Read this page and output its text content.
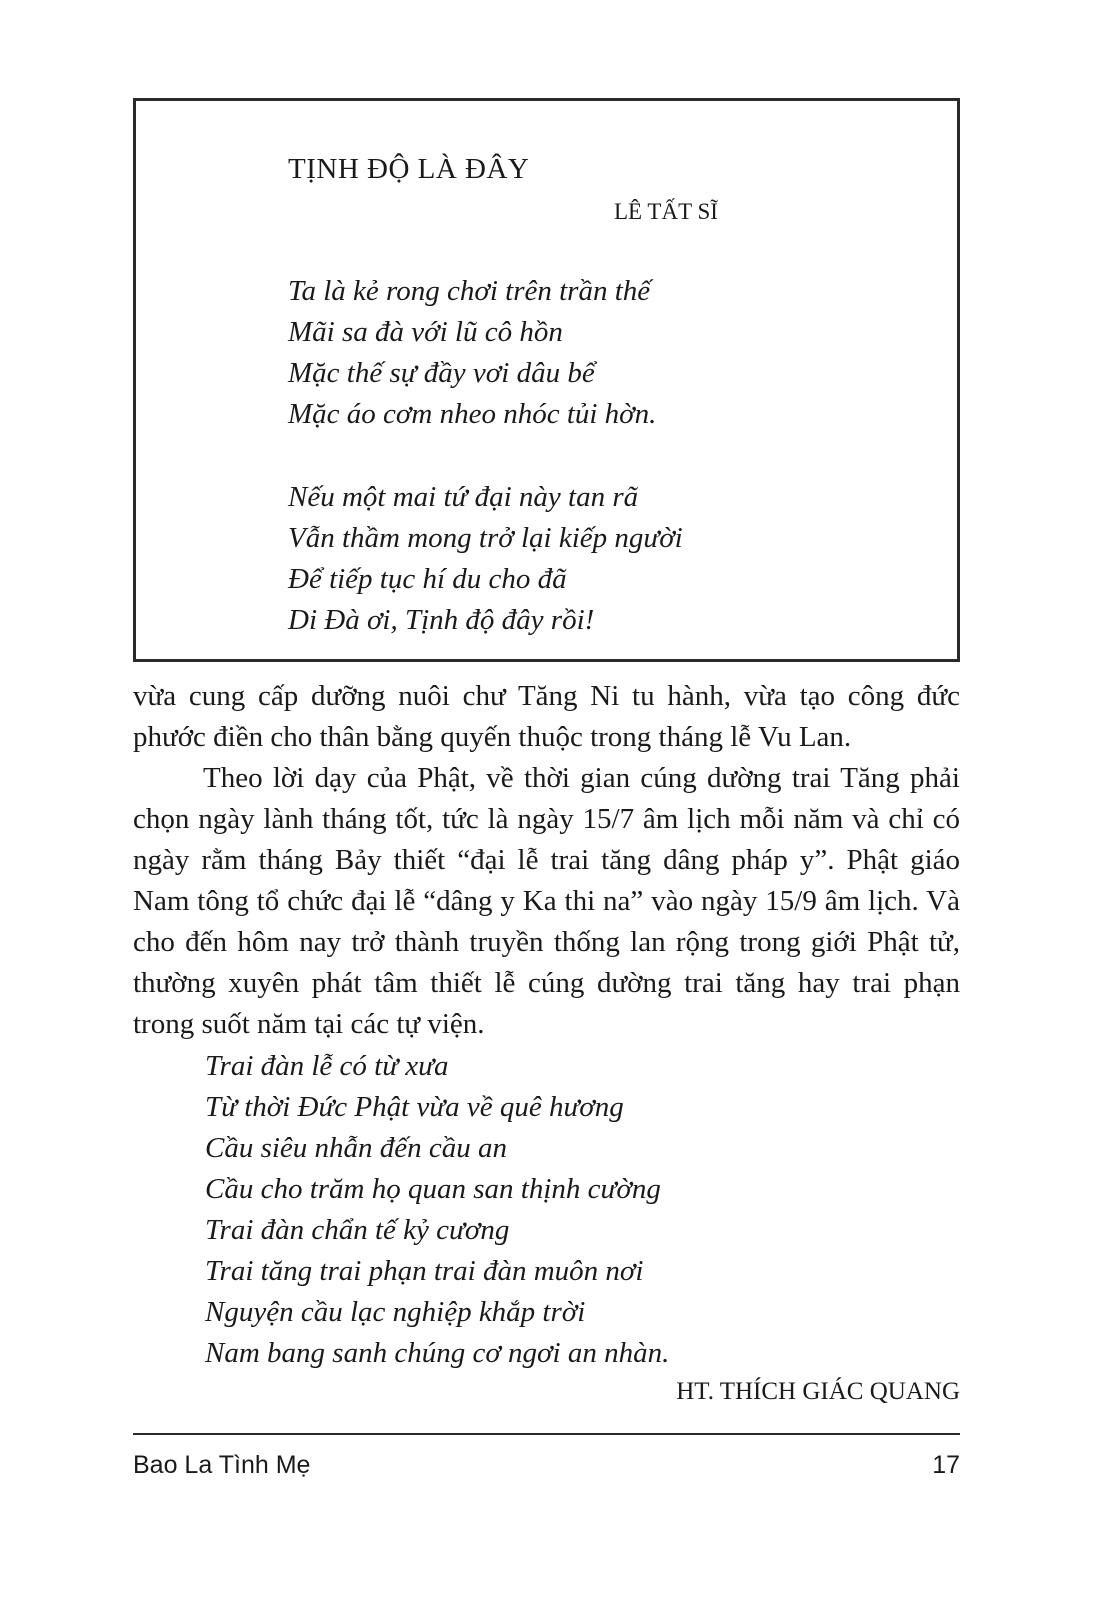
TỊNH ĐỘ LÀ ĐÂY
LÊ TẤT SĨ
Ta là kẻ rong chơi trên trần thế
Mãi sa đà với lũ cô hồn
Mặc thế sự đầy vơi dâu bể
Mặc áo cơm nheo nhóc tủi hờn.
Nếu một mai tứ đại này tan rã
Vẫn thầm mong trở lại kiếp người
Để tiếp tục hí du cho đã
Di Đà ơi, Tịnh độ đây rồi!

vừa cung cấp dưỡng nuôi chư Tăng Ni tu hành, vừa tạo công đức phước điền cho thân bằng quyến thuộc trong tháng lễ Vu Lan.

Theo lời dạy của Phật, về thời gian cúng dường trai Tăng phải chọn ngày lành tháng tốt, tức là ngày 15/7 âm lịch mỗi năm và chỉ có ngày rằm tháng Bảy thiết “đại lễ trai tăng dâng pháp y”. Phật giáo Nam tông tổ chức đại lễ “dâng y Ka thi na” vào ngày 15/9 âm lịch. Và cho đến hôm nay trở thành truyền thống lan rộng trong giới Phật tử, thường xuyên phát tâm thiết lễ cúng dường trai tăng hay trai phạn trong suốt năm tại các tự viện.

Trai đàn lễ có từ xưa
Từ thời Đức Phật vừa về quê hương
Cầu siêu nhẫn đến cầu an
Cầu cho trăm họ quan san thịnh cường
Trai đàn chẩn tế kỷ cương
Trai tăng trai phạn trai đàn muôn nơi
Nguyện cầu lạc nghiệp khắp trời
Nam bang sanh chúng cơ ngơi an nhàn.
HT. THÍCH GIÁC QUANG
Bao La Tình Mẹ	17
